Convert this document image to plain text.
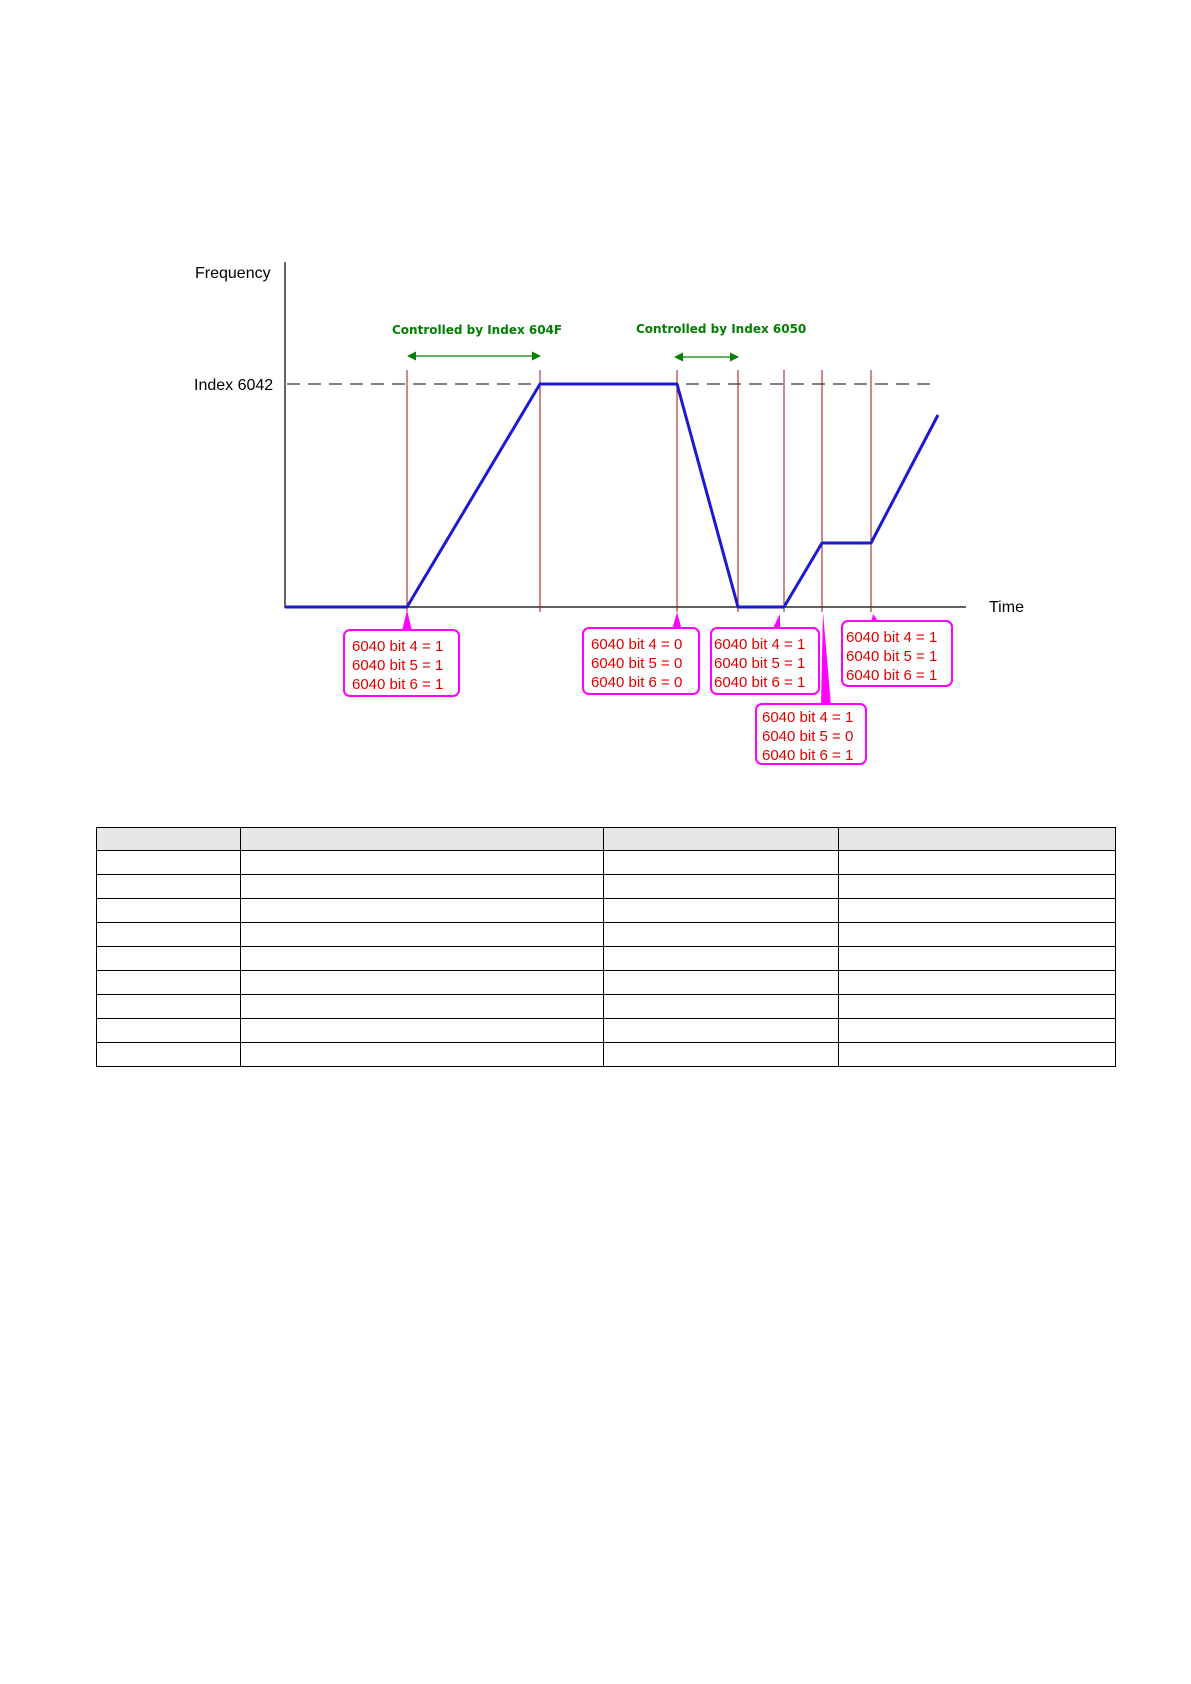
Frequency
Time
Index 6042
Controlled by Index 604F	Controlled by Index 6050
6040 bit 4 = 1
6040 bit 5 = 1
6040 bit 6 = 1
6040 bit 4 = 0
6040 bit 5 = 0
6040 bit 6 = 0
6040 bit 4 = 1
6040 bit 5 = 1
6040 bit 6 = 1
6040 bit 4 = 1
6040 bit 5 = 0
6040 bit 6 = 1
6040 bit 4 = 1
6040 bit 5 = 1
6040 bit 6 = 1
